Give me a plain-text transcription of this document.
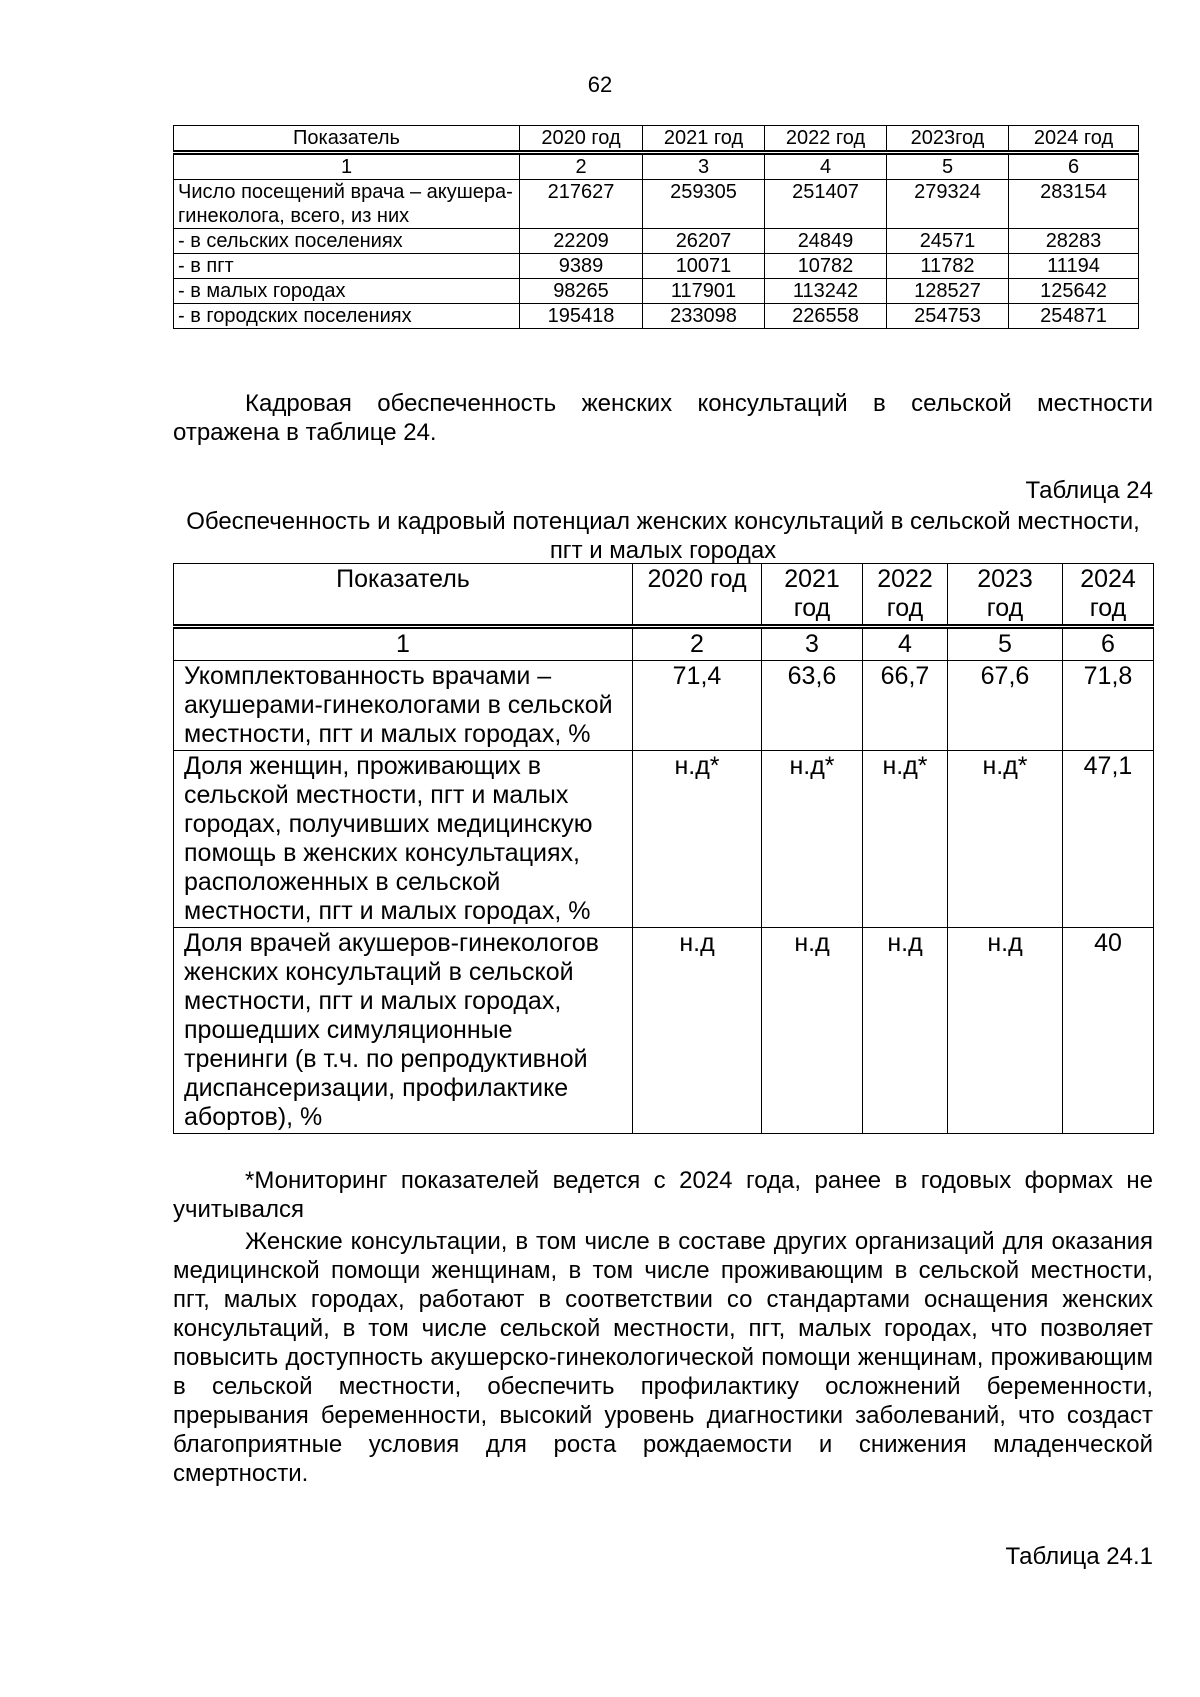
62
Показатель	2020 год	2021 год	2022 год	2023год	2024 год
1	2	3	4	5	6
Число посещений врача – акушера-гинеколога, всего, из них	217627	259305	251407	279324	283154
- в сельских поселениях	22209	26207	24849	24571	28283
- в пгт	9389	10071	10782	11782	11194
- в малых городах	98265	117901	113242	128527	125642
- в городских поселениях	195418	233098	226558	254753	254871

Кадровая обеспеченность женских консультаций в сельской местности отражена в таблице 24.

Таблица 24
Обеспеченность и кадровый потенциал женских консультаций в сельской местности, пгт и малых городах
Показатель	2020 год	2021 год	2022 год	2023 год	2024 год
1	2	3	4	5	6
Укомплектованность врачами – акушерами-гинекологами в сельской местности, пгт и малых городах, %	71,4	63,6	66,7	67,6	71,8
Доля женщин, проживающих в сельской местности, пгт и малых городах, получивших медицинскую помощь в женских консультациях, расположенных в сельской местности, пгт и малых городах, %	н.д*	н.д*	н.д*	н.д*	47,1
Доля врачей акушеров-гинекологов женских консультаций в сельской местности, пгт и малых городах, прошедших симуляционные тренинги (в т.ч. по репродуктивной диспансеризации, профилактике абортов), %	н.д	н.д	н.д	н.д	40

*Мониторинг показателей ведется с 2024 года, ранее в годовых формах не учитывался

Женские консультации, в том числе в составе других организаций для оказания медицинской помощи женщинам, в том числе проживающим в сельской местности, пгт, малых городах, работают в соответствии со стандартами оснащения женских консультаций, в том числе сельской местности, пгт, малых городах, что позволяет повысить доступность акушерско-гинекологической помощи женщинам, проживающим в сельской местности, обеспечить профилактику осложнений беременности, прерывания беременности, высокий уровень диагностики заболеваний, что создаст благоприятные условия для роста рождаемости и снижения младенческой смертности.

Таблица 24.1
